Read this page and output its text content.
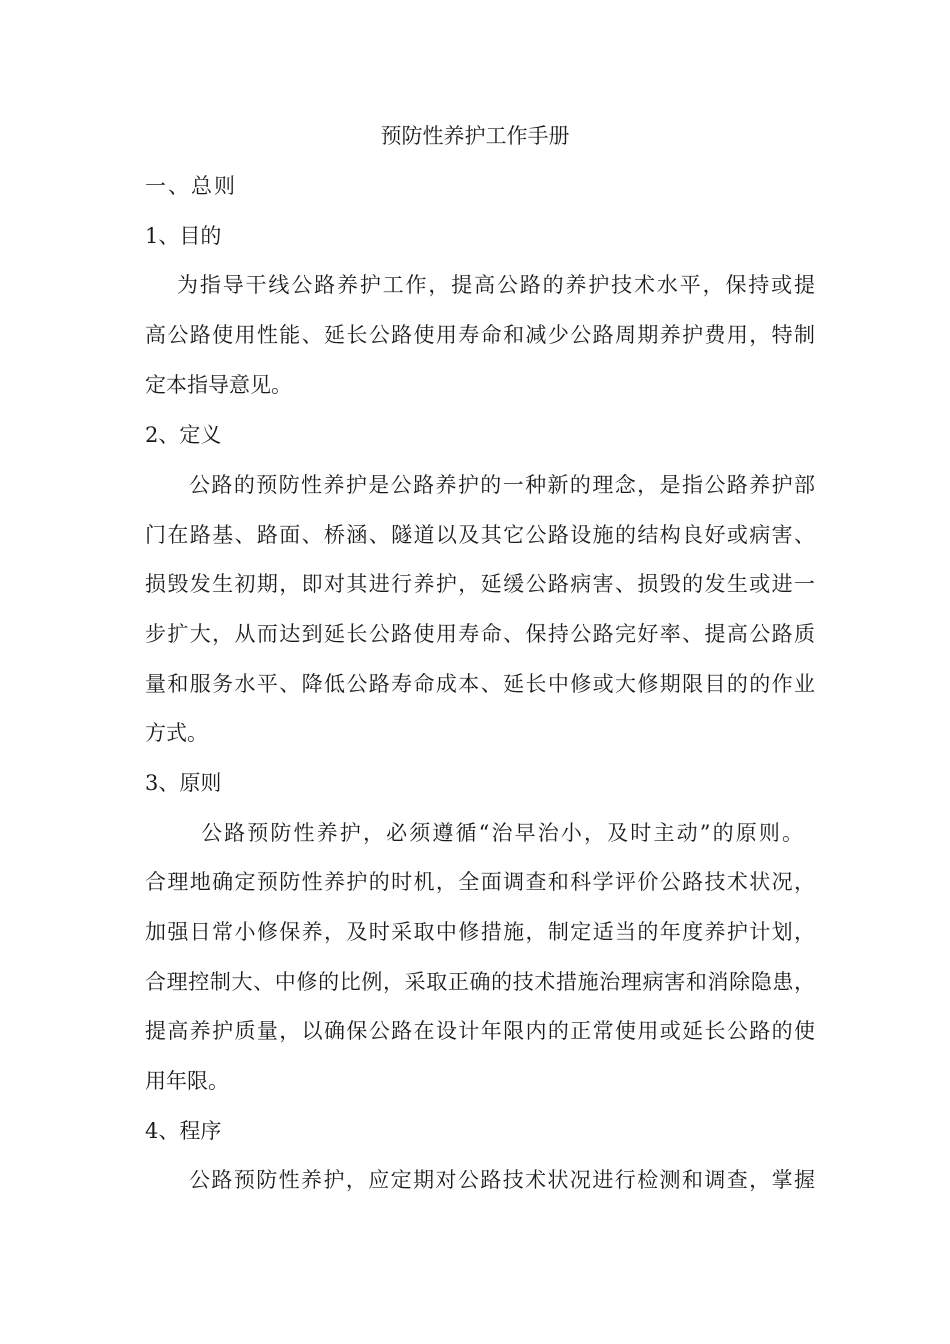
预防性养护工作手册
一、总则
1、目的
为指导干线公路养护工作，提高公路的养护技术水平，保持或提
高公路使用性能、延长公路使用寿命和减少公路周期养护费用，特制
定本指导意见。
2、定义
公路的预防性养护是公路养护的一种新的理念，是指公路养护部
门在路基、路面、桥涵、隧道以及其它公路设施的结构良好或病害、
损毁发生初期，即对其进行养护，延缓公路病害、损毁的发生或进一
步扩大，从而达到延长公路使用寿命、保持公路完好率、提高公路质
量和服务水平、降低公路寿命成本、延长中修或大修期限目的的作业
方式。
3、原则
公路预防性养护，必须遵循“治早治小，及时主动”的原则。
合理地确定预防性养护的时机，全面调查和科学评价公路技术状况，
加强日常小修保养，及时采取中修措施，制定适当的年度养护计划，
合理控制大、中修的比例，采取正确的技术措施治理病害和消除隐患，
提高养护质量，以确保公路在设计年限内的正常使用或延长公路的使
用年限。
4、程序
公路预防性养护，应定期对公路技术状况进行检测和调查，掌握
